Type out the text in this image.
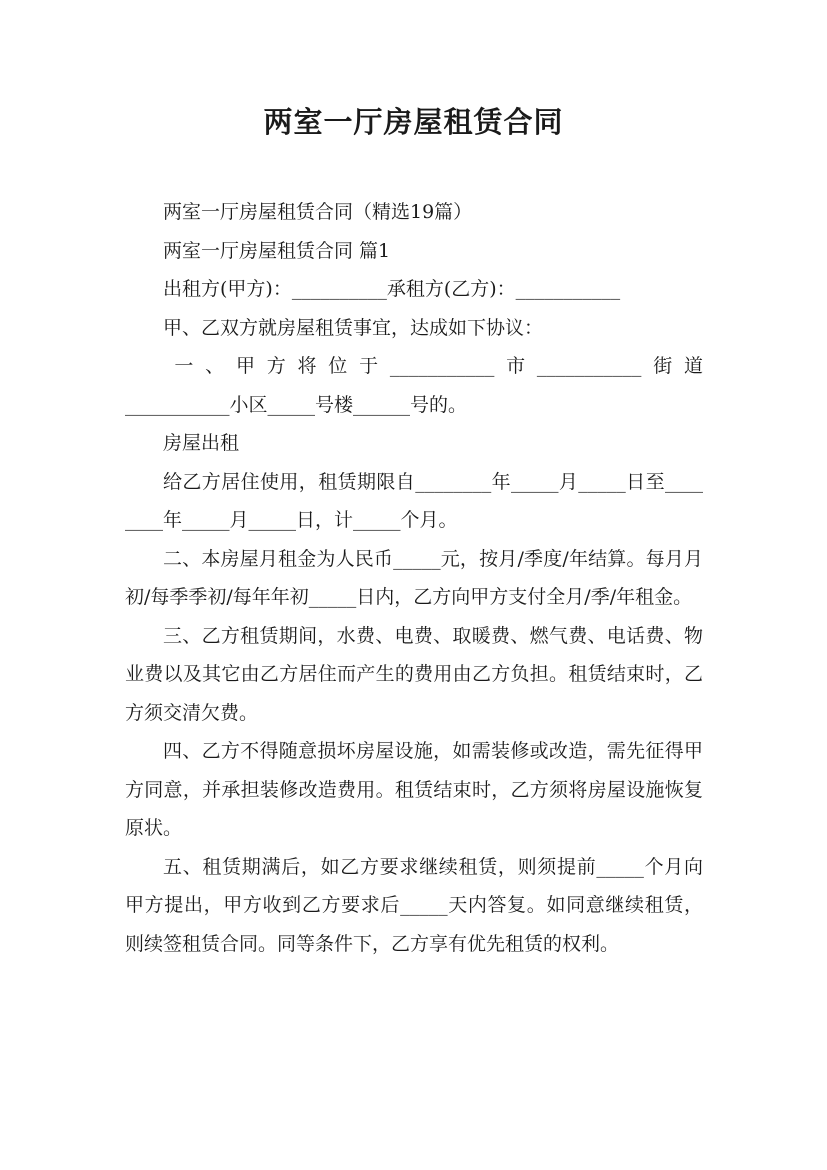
两室一厅房屋租赁合同

两室一厅房屋租赁合同（精选19篇）

两室一厅房屋租赁合同 篇1

出租方(甲方)：__________承租方(乙方)：___________

甲、乙双方就房屋租赁事宜，达成如下协议：

一、甲方将位于___________市___________街道

___________小区_____号楼______号的。

房屋出租

给乙方居住使用，租赁期限自________年_____月_____日至________年_____月_____日，计_____个月。

二、本房屋月租金为人民币_____元，按月/季度/年结算。每月月初/每季季初/每年年初_____日内，乙方向甲方支付全月/季/年租金。

三、乙方租赁期间，水费、电费、取暖费、燃气费、电话费、物业费以及其它由乙方居住而产生的费用由乙方负担。租赁结束时，乙方须交清欠费。

四、乙方不得随意损坏房屋设施，如需装修或改造，需先征得甲方同意，并承担装修改造费用。租赁结束时，乙方须将房屋设施恢复原状。

五、租赁期满后，如乙方要求继续租赁，则须提前_____个月向甲方提出，甲方收到乙方要求后_____天内答复。如同意继续租赁，则续签租赁合同。同等条件下，乙方享有优先租赁的权利。
